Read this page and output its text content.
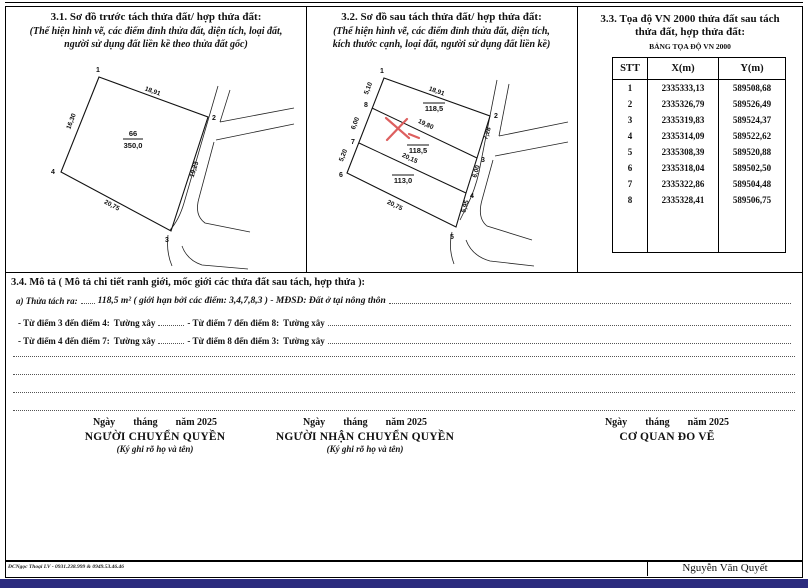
3.1. Sơ đồ trước tách thửa đất/ hợp thửa đất:
(Thể hiện hình vẽ, các điểm đỉnh thửa đất, diện tích, loại đất,
người sử dụng đất liền kề theo thửa đất gốc)
66
350,0
18,91
16,30
19,23
20,75
1
2
3
4
3.2. Sơ đồ sau tách thửa đất/ hợp thửa đất:
(Thể hiện hình vẽ, các điểm đỉnh thửa đất, diện tích,
kích thước cạnh, loại đất, người sử dụng đất liền kề)
18,91
5,10
6,00
5,20
7,28
6,00
5,95
19,80
20,15
20,75
118,5
118,5
113,0
1
2
3
4
5
6
7
8
3.3. Tọa độ VN 2000 thửa đất sau tách
thửa đất, hợp thửa đất:
BẢNG TỌA ĐỘ VN 2000
STT	X(m)	Y(m)
1	2335333,13	589508,68
2	2335326,79	589526,49
3	2335319,83	589524,37
4	2335314,09	589522,62
5	2335308,39	589520,88
6	2335318,04	589502,50
7	2335322,86	589504,48
8	2335328,41	589506,75

3.4. Mô tả ( Mô tả chi tiết ranh giới, mốc giới các thửa đất sau tách, hợp thửa ):
a) Thửa tách ra: 118,5 m² ( giới hạn bởi các điểm: 3,4,7,8,3 ) - MĐSD: Đất ở tại nông thôn
- Từ điểm 3 đến điểm 4: Tường xây	- Từ điểm 7 đến điểm 8: Tường xây
- Từ điểm 4 đến điểm 7: Tường xây	- Từ điểm 8 đến điểm 3: Tường xây
Ngày tháng năm 2025
NGƯỜI CHUYỂN QUYỀN
(Ký ghi rõ họ và tên)
Ngày tháng năm 2025
NGƯỜI NHẬN CHUYỂN QUYỀN
(Ký ghi rõ họ và tên)
Ngày tháng năm 2025
CƠ QUAN ĐO VẼ
ĐCNgọc Thoại LV - 0931.238.999 & 0949.53.46.46	Nguyễn Văn Quyết
